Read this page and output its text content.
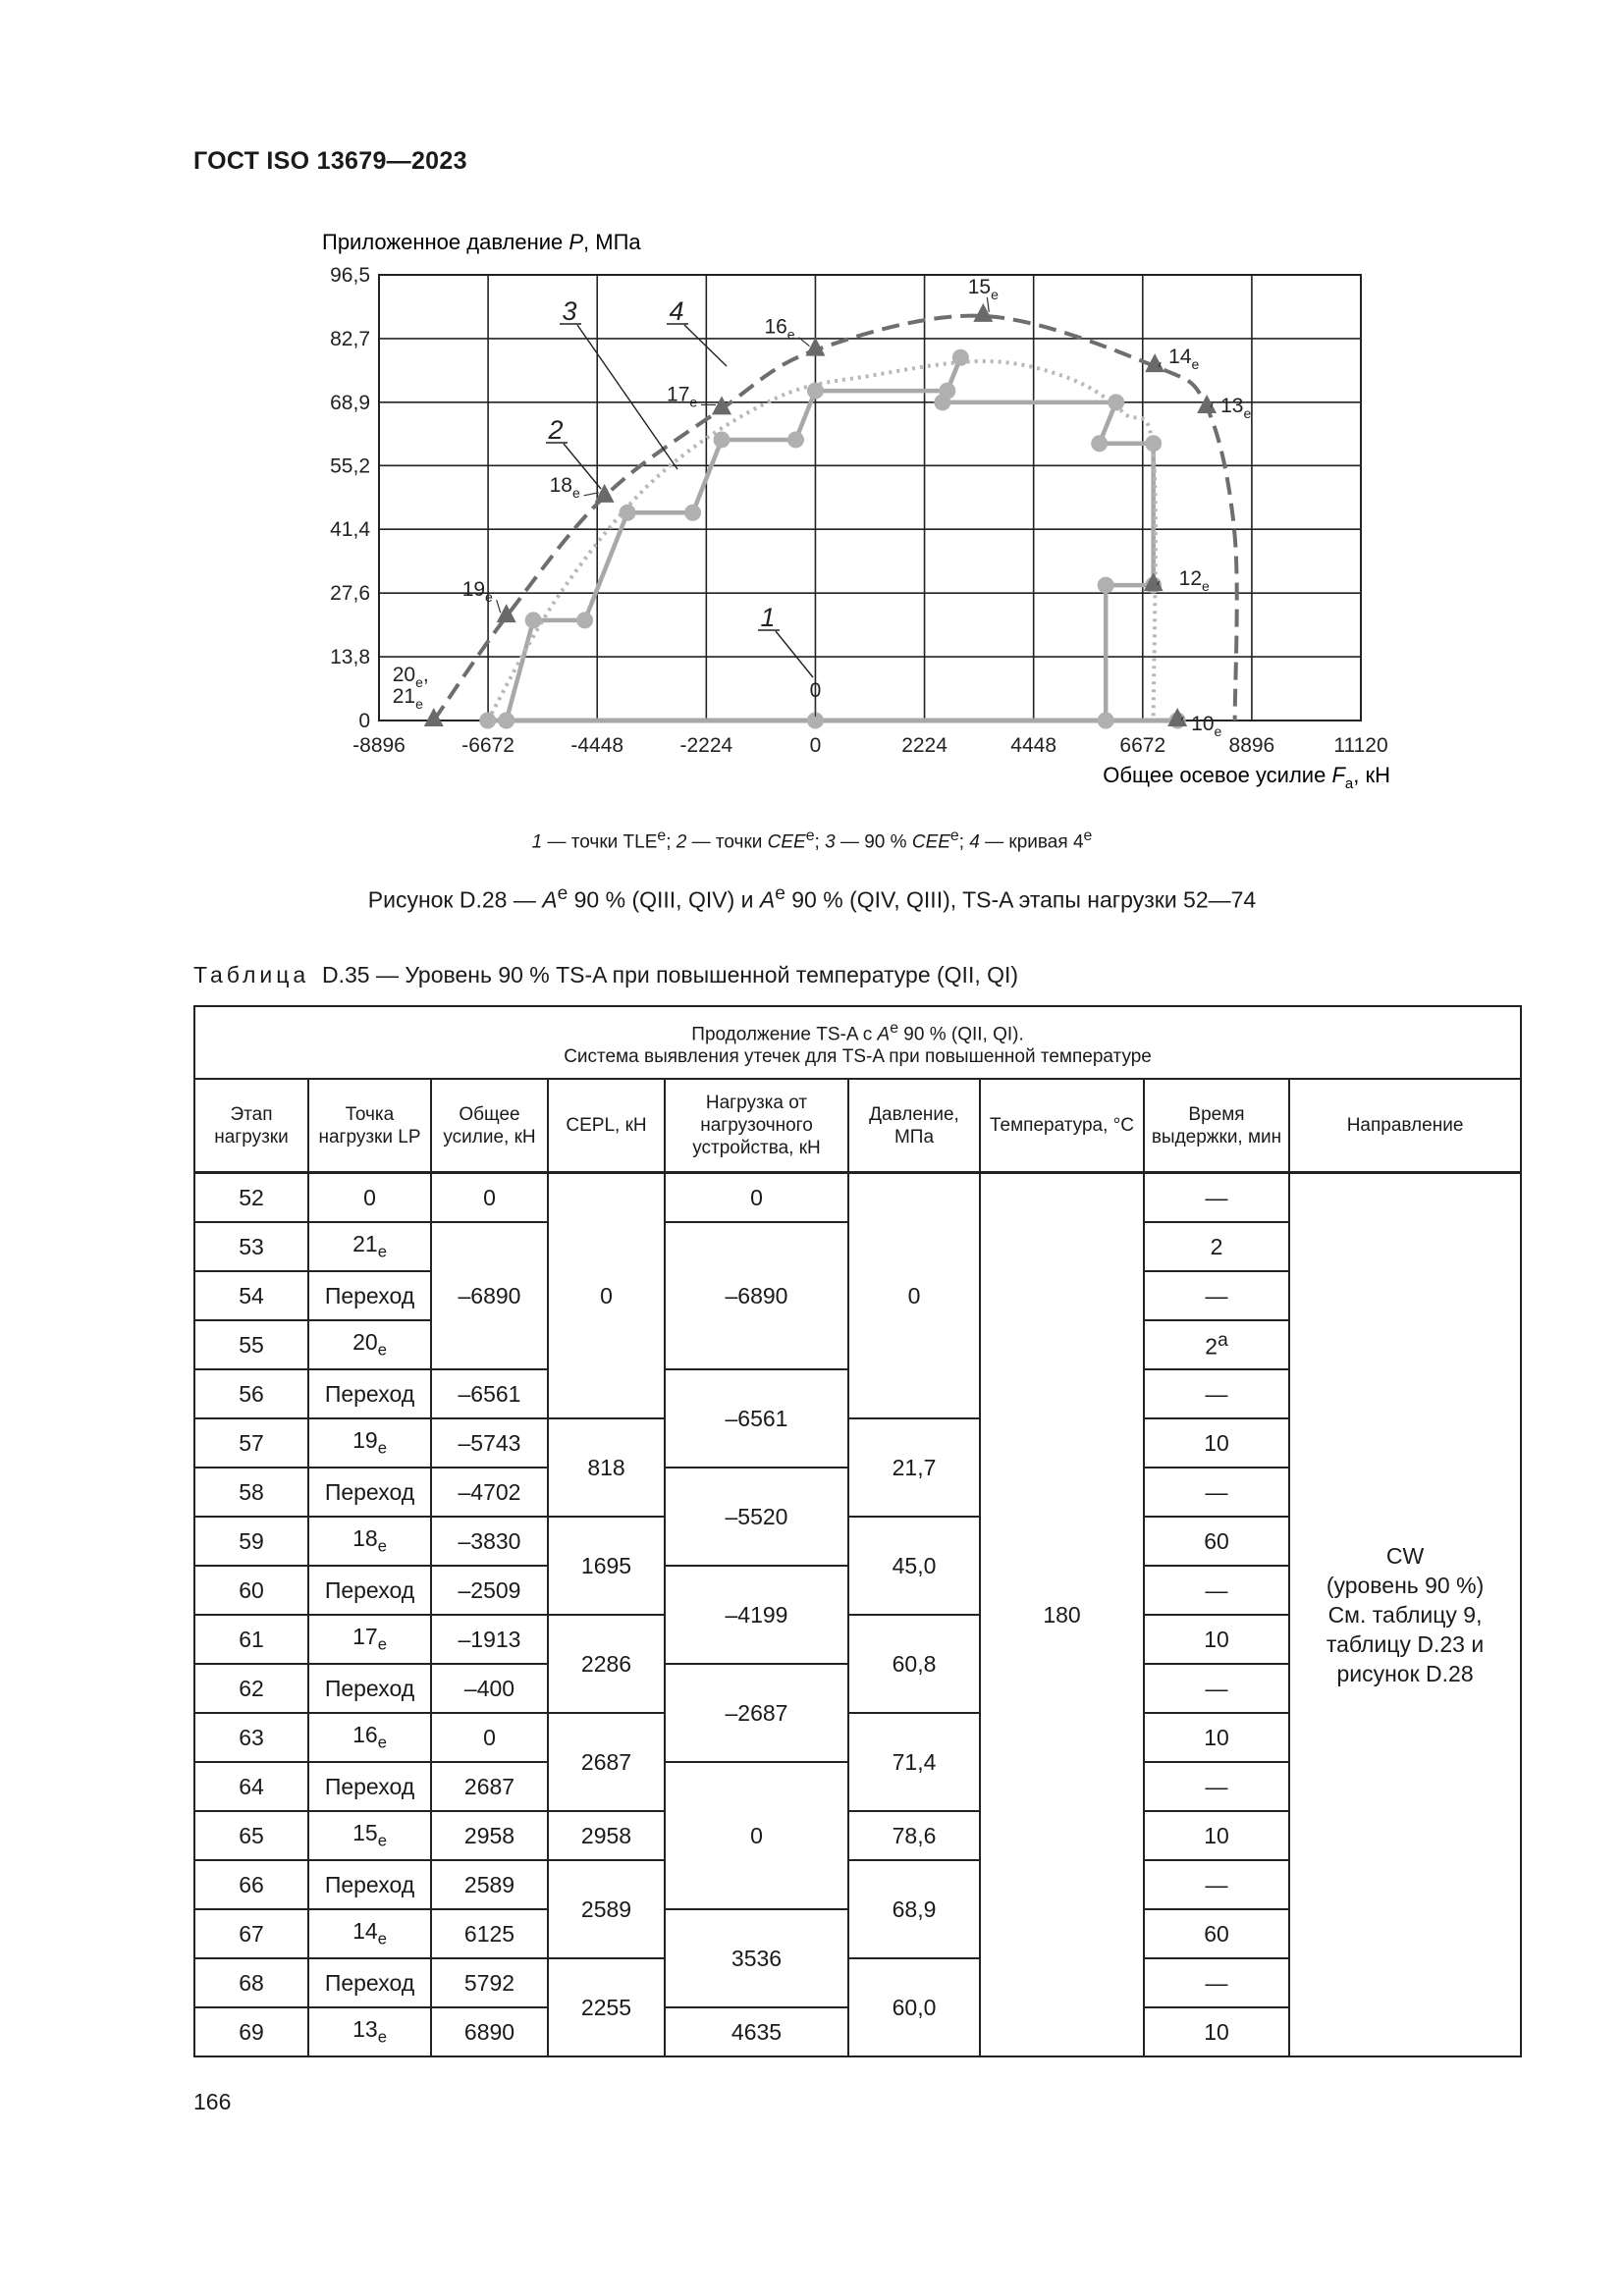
ГОСТ ISO 13679—2023
96,5
82,7
68,9
55,2
41,4
27,6
13,8
0
-8896	-6672	-4448	-2224	0	2224	4448	6672	8896	11120
0
$10_e$
$12_e$
$13_e$
$14_e$
$15_e$
$16_e$
$17_e$
$18_e$
$19_e$
$20_e$,
$21_e$
1
2
3	4
Приложенное давление P, МПа
Общее осевое усилие $F_a$, кН
1 — точки TLE$^e$; 2 — точки CEE$^e$; 3 — 90 % CEE$^e$; 4 — кривая 4e
Рисунок D.28 — $A^e$ 90 % (QIII, QIV) и $A^e$ 90 % (QIV, QIII), TS-A этапы нагрузки 52—74
Таблица D.35 — Уровень 90 % TS-A при повышенной температуре (QII, QI)
Продолжение TS-A с $A^e$ 90 % (QII, QI).
Система выявления утечек для TS-A при повышенной температуре								
Этап нагрузки	Точка нагрузки LP	Общее усилие, кН	CEPL, кН	Нагрузка от нагрузочного устройства, кН	Давление, МПа	Температура, °С	Время выдержки, мин	Направление
52	0	0	0	0	0	180	—	CW
(уровень 90 %)
См. таблицу 9,
таблицу D.23 и
рисунок D.28
53	$21_e$	–6890		–6890			2	
54	Переход						—	
55	$20_e$						2$^a$
56	Переход	–6561		–6561			—	
57	$19_e$	–5743	818		21,7		10	
58	Переход	–4702		–5520			—	
59	$18_e$	–3830	1695		45,0		60	
60	Переход	–2509		–4199			—	
61	$17_e$	–1913	2286		60,8		10	
62	Переход	–400		–2687			—	
63	$16_e$	0	2687		71,4		10	
64	Переход	2687		0			—	
65	$15_e$	2958	2958		78,6		10	
66	Переход	2589	2589		68,9		—	
67	$14_e$	6125		3536			60	
68	Переход	5792	2255		60,0		—	
69	$13_e$	6890		4635			10	
166
